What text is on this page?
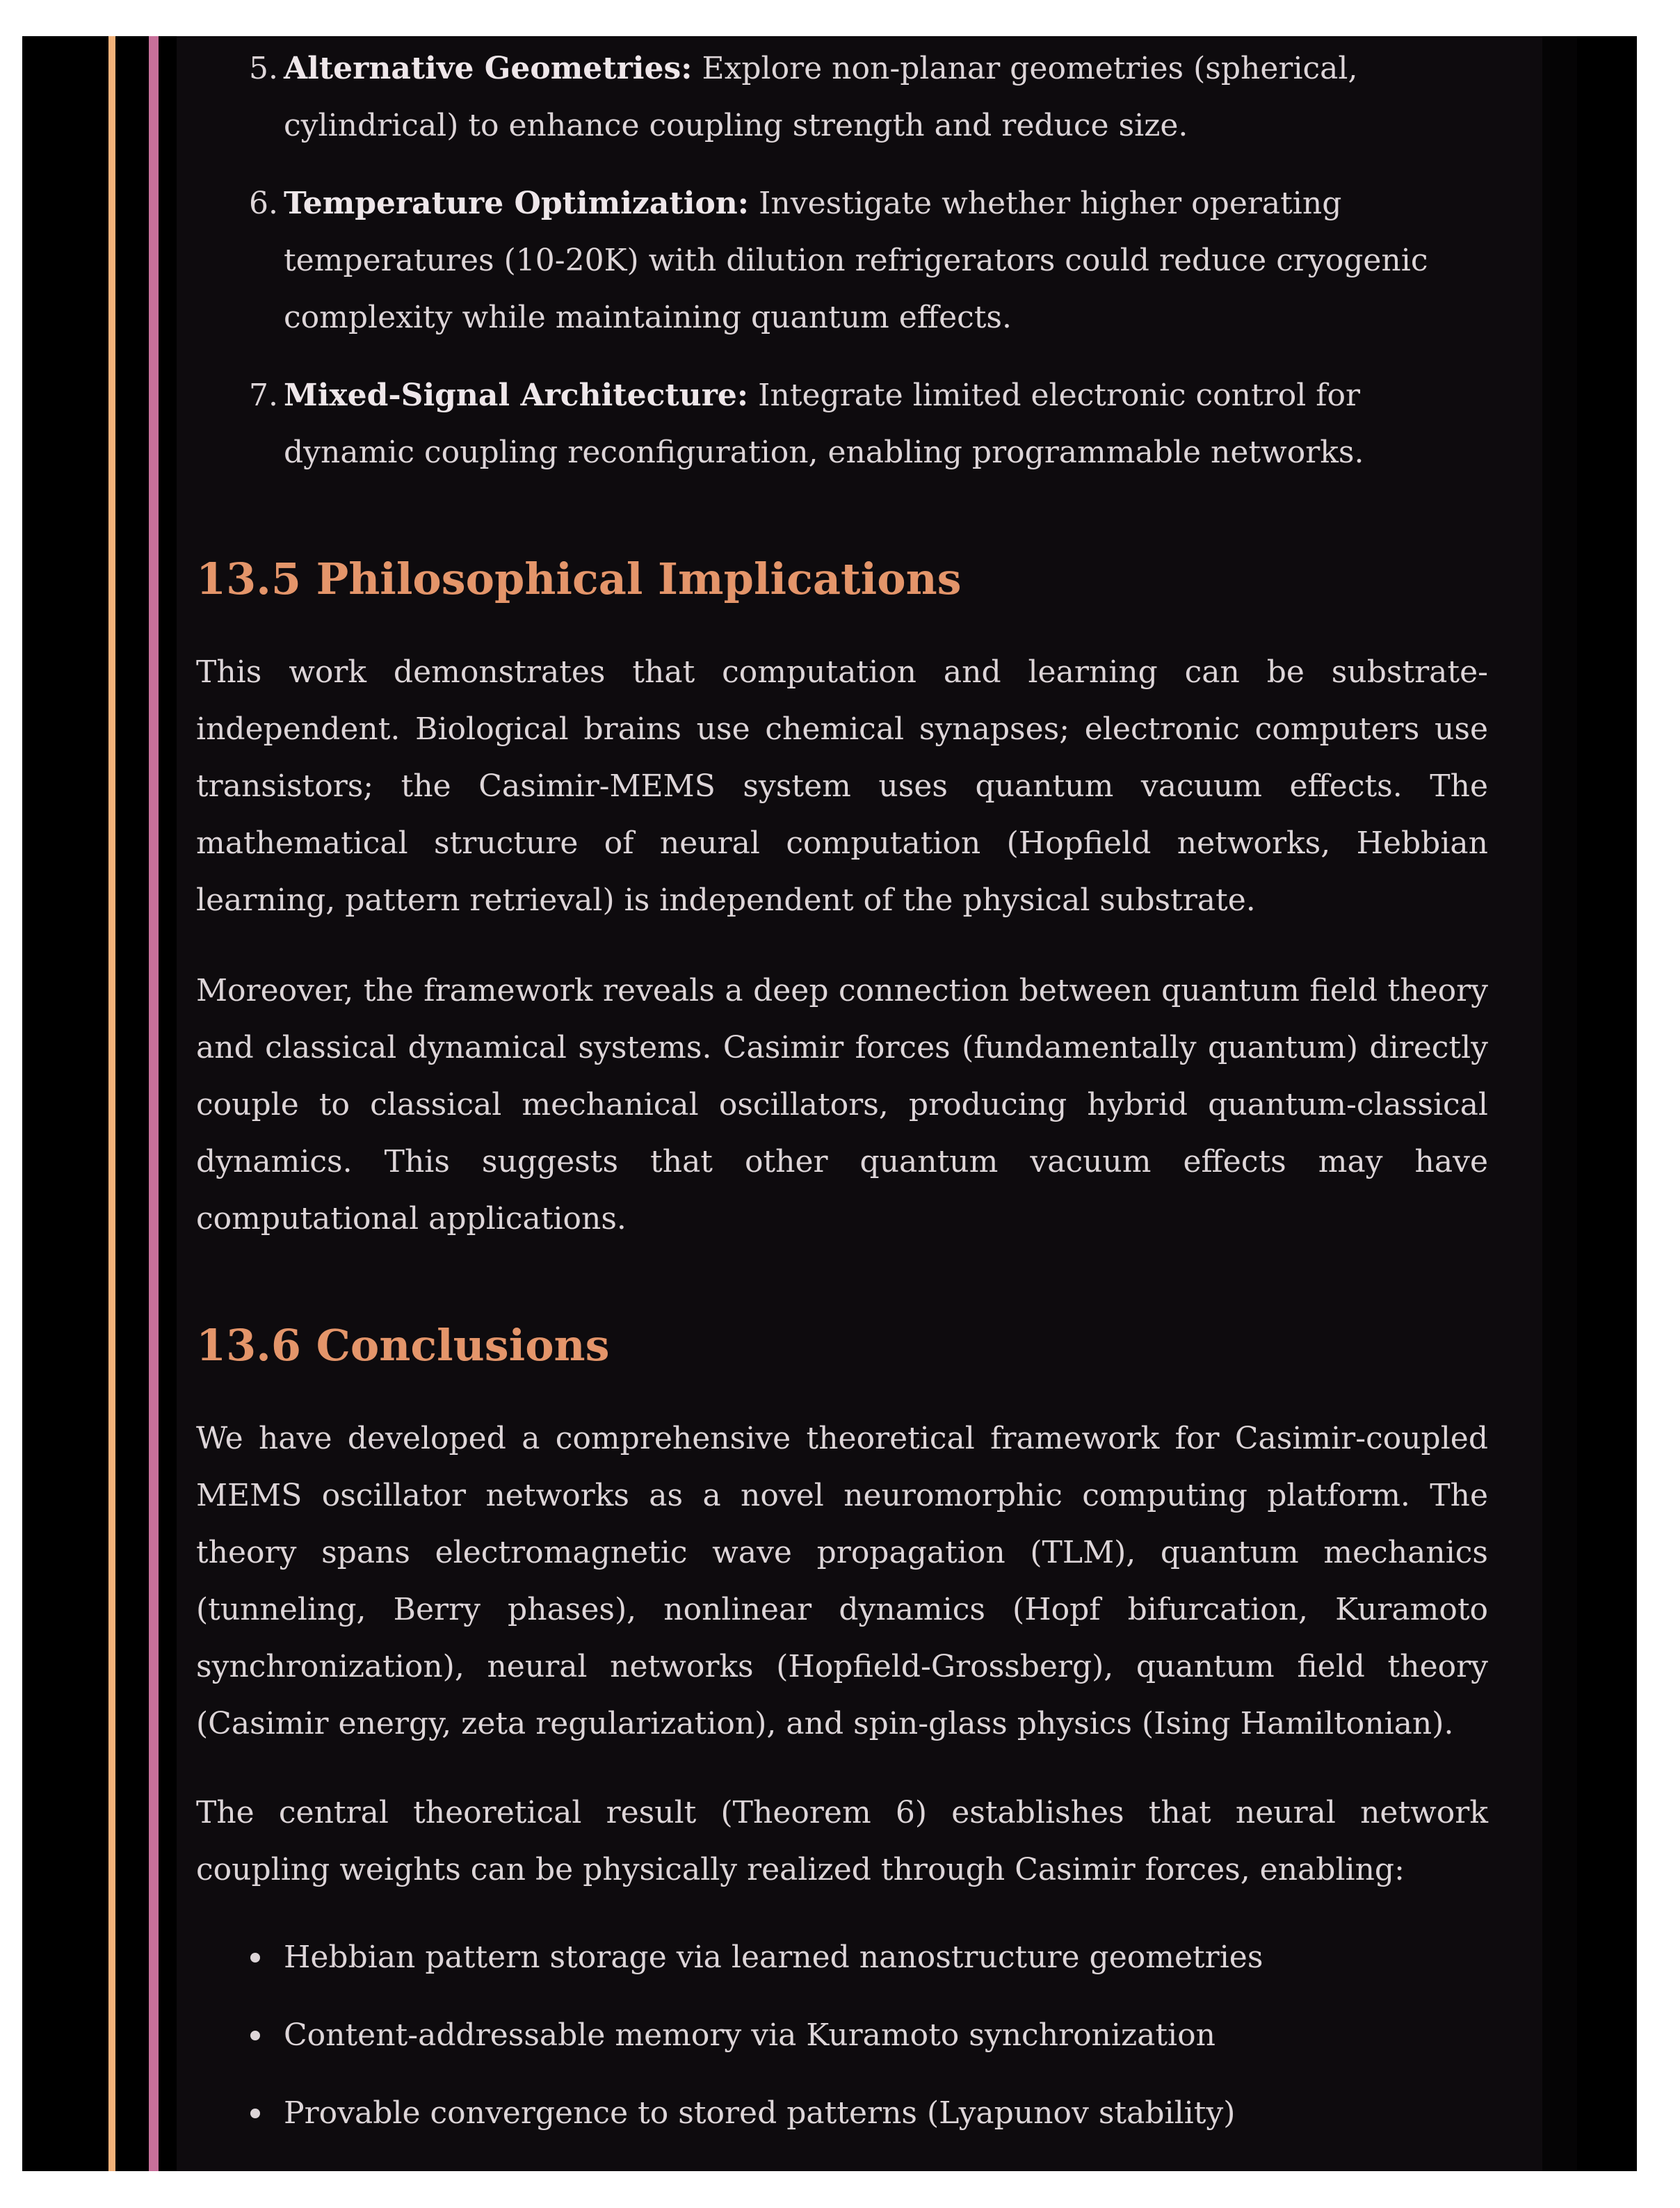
5. Alternative Geometries: Explore non-planar geometries (spherical, cylindrical) to enhance coupling strength and reduce size.
6. Temperature Optimization: Investigate whether higher operating temperatures (10-20K) with dilution refrigerators could reduce cryogenic complexity while maintaining quantum effects.
7. Mixed-Signal Architecture: Integrate limited electronic control for dynamic coupling reconfiguration, enabling programmable networks.
13.5 Philosophical Implications

This work demonstrates that computation and learning can be substrate-independent. Biological brains use chemical synapses; electronic computers use transistors; the Casimir-MEMS system uses quantum vacuum effects. The mathematical structure of neural computation (Hopfield networks, Hebbian learning, pattern retrieval) is independent of the physical substrate.

Moreover, the framework reveals a deep connection between quantum field theory and classical dynamical systems. Casimir forces (fundamentally quantum) directly couple to classical mechanical oscillators, producing hybrid quantum-classical dynamics. This suggests that other quantum vacuum effects may have computational applications.

13.6 Conclusions

We have developed a comprehensive theoretical framework for Casimir-coupled MEMS oscillator networks as a novel neuromorphic computing platform. The theory spans electromagnetic wave propagation (TLM), quantum mechanics (tunneling, Berry phases), nonlinear dynamics (Hopf bifurcation, Kuramoto synchronization), neural networks (Hopfield-Grossberg), quantum field theory (Casimir energy, zeta regularization), and spin-glass physics (Ising Hamiltonian).

The central theoretical result (Theorem 6) establishes that neural network coupling weights can be physically realized through Casimir forces, enabling:

Hebbian pattern storage via learned nanostructure geometries
Content-addressable memory via Kuramoto synchronization
Provable convergence to stored patterns (Lyapunov stability)
